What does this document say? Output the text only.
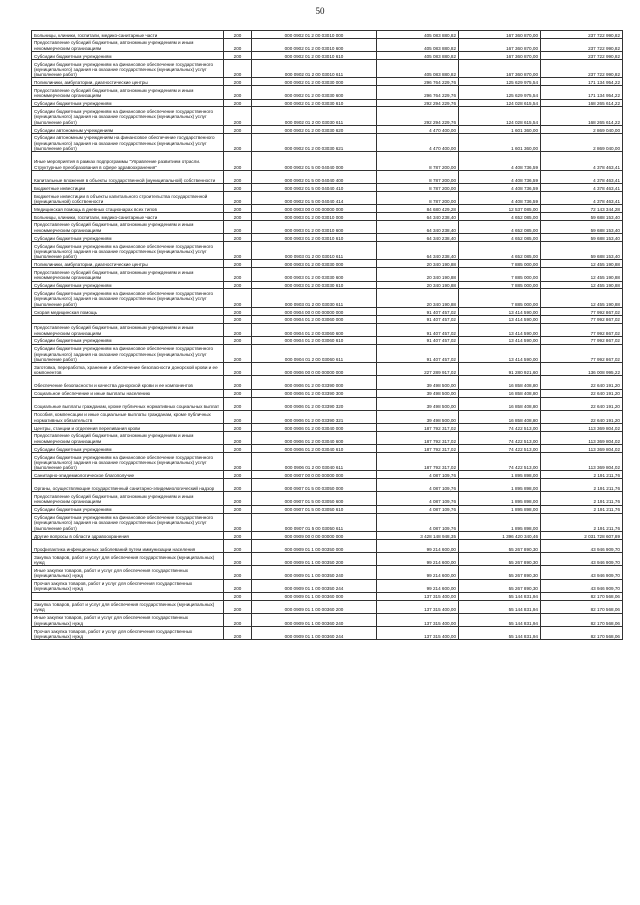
50
Больницы, клиники, госпитали, медико-санитарные части	200	000 0902 01 2 00 03010 000	405 083 880,82	167 360 870,00	237 722 990,82
Предоставление субсидий бюджетным, автономным учреждениям и иным некоммерческим организациям	200	000 0902 01 2 00 03010 600	405 083 880,82	167 360 870,00	237 722 990,82
Субсидии бюджетным учреждениям	200	000 0902 01 2 00 03010 610	405 083 880,82	167 360 870,00	237 722 990,82
Субсидии бюджетным учреждениям на финансовое обеспечение государственного (муниципального) задания на оказание государственных (муниципальных) услуг (выполнение работ)	200	000 0902 01 2 00 03010 611	405 083 880,82	167 360 870,00	237 722 990,82
Поликлиники, амбулатории, диагностические центры	200	000 0902 01 2 00 03030 000	296 764 229,76	125 629 975,54	171 134 954,22
Предоставление субсидий бюджетным, автономным учреждениям и иным некоммерческим организациям	200	000 0902 01 2 00 03030 600	296 764 229,76	125 629 975,54	171 134 954,22
Субсидии бюджетным учреждениям	200	000 0902 01 2 00 03030 610	292 294 229,76	124 028 615,54	168 265 614,22
Субсидии бюджетным учреждениям на финансовое обеспечение государственного (муниципального) задания на оказание государственных (муниципальных) услуг (выполнение работ)	200	000 0902 01 2 00 03030 611	292 294 229,76	124 028 615,54	168 265 614,22
Субсидии автономным учреждениям	200	000 0902 01 2 00 03030 620	4 470 400,00	1 601 360,00	2 869 040,00
Субсидии автономным учреждениям на финансовое обеспечение государственного (муниципального) задания на оказание государственных (муниципальных) услуг (выполнение работ)	200	000 0902 01 2 00 03030 621	4 470 400,00	1 601 360,00	2 869 040,00
Иные мероприятия в рамках подпрограммы "Управление развитием отрасли. Структурные преобразования в сфере здравоохранения"	200	000 0902 01 5 00 04040 000	8 787 200,00	4 408 736,59	4 378 463,41
Капитальные вложения в объекты государственной (муниципальной) собственности	200	000 0902 01 5 00 04040 400	8 787 200,00	4 408 736,59	4 378 463,41
Бюджетные инвестиции	200	000 0902 01 5 00 04040 410	8 787 200,00	4 408 736,59	4 378 463,41
Бюджетные инвестиции в объекты капитального строительства государственной (муниципальной) собственности	200	000 0902 01 5 00 04040 414	8 787 200,00	4 408 736,59	4 378 463,41
Медицинская помощь в дневных стационарах всех типов	200	000 0903 00 0 00 00000 000	84 680 429,28	12 537 085,00	72 143 344,28
Больницы, клиники, госпитали, медико-санитарные части	200	000 0903 01 2 00 03010 000	64 340 238,40	4 652 085,00	59 688 153,40
Предоставление субсидий бюджетным, автономным учреждениям и иным некоммерческим организациям	200	000 0903 01 2 00 03010 600	64 340 238,40	4 652 085,00	59 688 153,40
Субсидии бюджетным учреждениям	200	000 0903 01 2 00 03010 610	64 340 238,40	4 652 085,00	59 688 153,40
Субсидии бюджетным учреждениям на финансовое обеспечение государственного (муниципального) задания на оказание государственных (муниципальных) услуг (выполнение работ)	200	000 0903 01 2 00 03010 611	64 340 238,40	4 652 085,00	59 688 153,40
Поликлиники, амбулатории, диагностические центры	200	000 0903 01 2 00 03030 000	20 340 190,88	7 885 000,00	12 455 190,88
Предоставление субсидий бюджетным, автономным учреждениям и иным некоммерческим организациям	200	000 0903 01 2 00 03030 600	20 340 190,88	7 885 000,00	12 455 190,88
Субсидии бюджетным учреждениям	200	000 0903 01 2 00 03030 610	20 340 190,88	7 885 000,00	12 455 190,88
Субсидии бюджетным учреждениям на финансовое обеспечение государственного (муниципального) задания на оказание государственных (муниципальных) услуг (выполнение работ)	200	000 0903 01 2 00 03030 611	20 340 190,88	7 885 000,00	12 455 190,88
Скорая медицинская помощь	200	000 0904 00 0 00 00000 000	91 407 457,02	13 414 590,00	77 992 867,02
	200	000 0904 01 2 00 03060 000	91 407 457,02	13 414 590,00	77 992 867,02
Предоставление субсидий бюджетным, автономным учреждениям и иным некоммерческим организациям	200	000 0904 01 2 00 03060 600	91 407 457,02	13 414 590,00	77 992 867,02
Субсидии бюджетным учреждениям	200	000 0904 01 2 00 03060 610	91 407 457,02	13 414 590,00	77 992 867,02
Субсидии бюджетным учреждениям на финансовое обеспечение государственного (муниципального) задания на оказание государственных (муниципальных) услуг (выполнение работ)	200	000 0904 01 2 00 03060 611	91 407 457,02	13 414 590,00	77 992 867,02
Заготовка, переработка, хранение и обеспечение безопасности донорской крови и ее компонентов	200	000 0906 00 0 00 00000 000	227 289 917,02	91 280 921,60	136 008 995,22
Обеспечение безопасности и качества донорской крови и ее компонентов	200	000 0906 01 2 00 03390 000	39 498 500,00	16 858 408,80	22 640 191,20
Социальное обеспечение и иные выплаты населению	200	000 0906 01 2 00 03390 300	39 498 500,00	16 858 408,80	22 640 191,20
Социальные выплаты гражданам, кроме публичных нормативных социальных выплат	200	000 0906 01 2 00 03390 320	39 498 500,00	16 858 408,80	22 640 191,20
Пособия, компенсации и иные социальные выплаты гражданам, кроме публичных нормативных обязательств	200	000 0906 01 2 00 03390 321	39 498 500,00	16 858 408,80	22 640 191,20
Центры, станции и отделения переливания крови	200	000 0906 01 2 00 03040 000	187 792 317,02	74 422 513,00	113 369 804,02
Предоставление субсидий бюджетным, автономным учреждениям и иным некоммерческим организациям	200	000 0906 01 2 00 03040 600	187 792 317,02	74 422 513,00	113 369 804,02
Субсидии бюджетным учреждениям	200	000 0906 01 2 00 03040 610	187 792 317,02	74 422 513,00	113 369 804,02
Субсидии бюджетным учреждениям на финансовое обеспечение государственного (муниципального) задания на оказание государственных (муниципальных) услуг (выполнение работ)	200	000 0906 01 2 00 03040 611	187 792 317,02	74 422 513,00	113 369 804,02
Санитарно-эпидемиологическое благополучие	200	000 0907 00 0 00 00000 000	4 087 109,76	1 895 898,00	2 191 211,76
Органы, осуществляющие государственный санитарно-эпидемиологический надзор	200	000 0907 01 5 00 03050 000	4 087 109,76	1 895 898,00	2 191 211,76
Предоставление субсидий бюджетным, автономным учреждениям и иным некоммерческим организациям	200	000 0907 01 5 00 03050 600	4 087 109,76	1 895 898,00	2 191 211,76
Субсидии бюджетным учреждениям	200	000 0907 01 5 00 03050 610	4 087 109,76	1 895 898,00	2 191 211,76
Субсидии бюджетным учреждениям на финансовое обеспечение государственного (муниципального) задания на оказание государственных (муниципальных) услуг (выполнение работ)	200	000 0907 01 5 00 03050 611	4 087 109,76	1 895 898,00	2 191 211,76
Другие вопросы в области здравоохранения	200	000 0909 00 0 00 00000 000	3 428 148 948,35	1 396 420 340,46	2 031 728 607,89
Профилактика инфекционных заболеваний путем иммунизации населения	200	000 0909 01 1 00 00350 000	99 214 600,00	55 267 890,30	43 946 909,70
Закупка товаров, работ и услуг для обеспечения государственных (муниципальных) нужд	200	000 0909 01 1 00 00350 200	99 214 600,00	55 267 890,30	43 946 909,70
Иные закупки товаров, работ и услуг для обеспечения государственных (муниципальных) нужд	200	000 0909 01 1 00 00350 240	99 214 600,00	55 267 890,30	43 946 909,70
Прочая закупка товаров, работ и услуг для обеспечения государственных (муниципальных) нужд	200	000 0909 01 1 00 00350 244	99 214 600,00	55 267 890,30	43 946 909,70
	200	000 0909 01 1 00 00360 000	137 315 400,00	55 144 831,94	82 170 568,06
Закупка товаров, работ и услуг для обеспечения государственных (муниципальных) нужд	200	000 0909 01 1 00 00360 200	137 315 400,00	55 144 831,94	82 170 568,06
Иные закупки товаров, работ и услуг для обеспечения государственных (муниципальных) нужд	200	000 0909 01 1 00 00360 240	137 315 400,00	55 144 831,94	82 170 568,06
Прочая закупка товаров, работ и услуг для обеспечения государственных (муниципальных) нужд	200	000 0909 01 1 00 00360 244	137 315 400,00	55 144 831,94	82 170 568,06
